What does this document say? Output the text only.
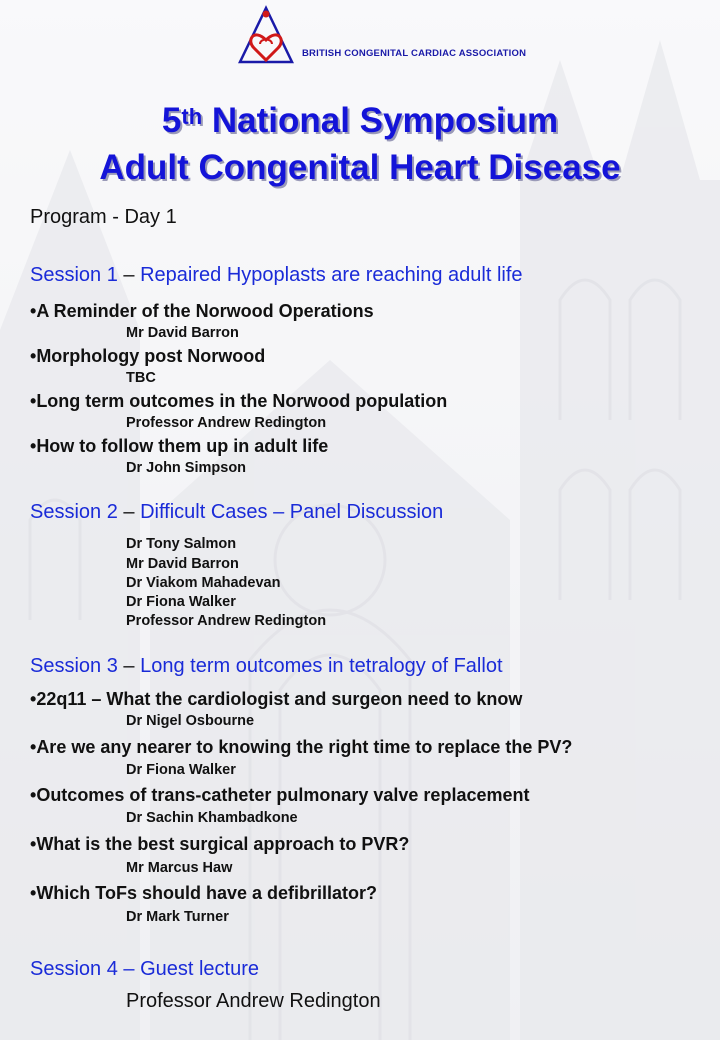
BRITISH CONGENITAL CARDIAC ASSOCIATION
5th National Symposium
Adult Congenital Heart Disease
Program - Day 1
Session 1 – Repaired Hypoplasts are reaching adult life
•A Reminder of the Norwood Operations
Mr David Barron
•Morphology post Norwood
TBC
•Long term outcomes in the Norwood population
Professor Andrew Redington
•How to follow them up in adult life
Dr John Simpson
Session 2 – Difficult Cases – Panel Discussion
Dr Tony Salmon
Mr David Barron
Dr Viakom Mahadevan
Dr Fiona Walker
Professor Andrew Redington
Session 3 – Long term outcomes in tetralogy of Fallot
•22q11 – What the cardiologist and surgeon need to know
Dr Nigel Osbourne
•Are we any nearer to knowing the right time to replace the PV?
Dr Fiona Walker
•Outcomes of trans-catheter pulmonary valve replacement
Dr Sachin Khambadkone
•What is the best surgical approach to PVR?
Mr Marcus Haw
•Which ToFs should have a defibrillator?
Dr Mark Turner
Session 4 – Guest lecture
Professor Andrew Redington
